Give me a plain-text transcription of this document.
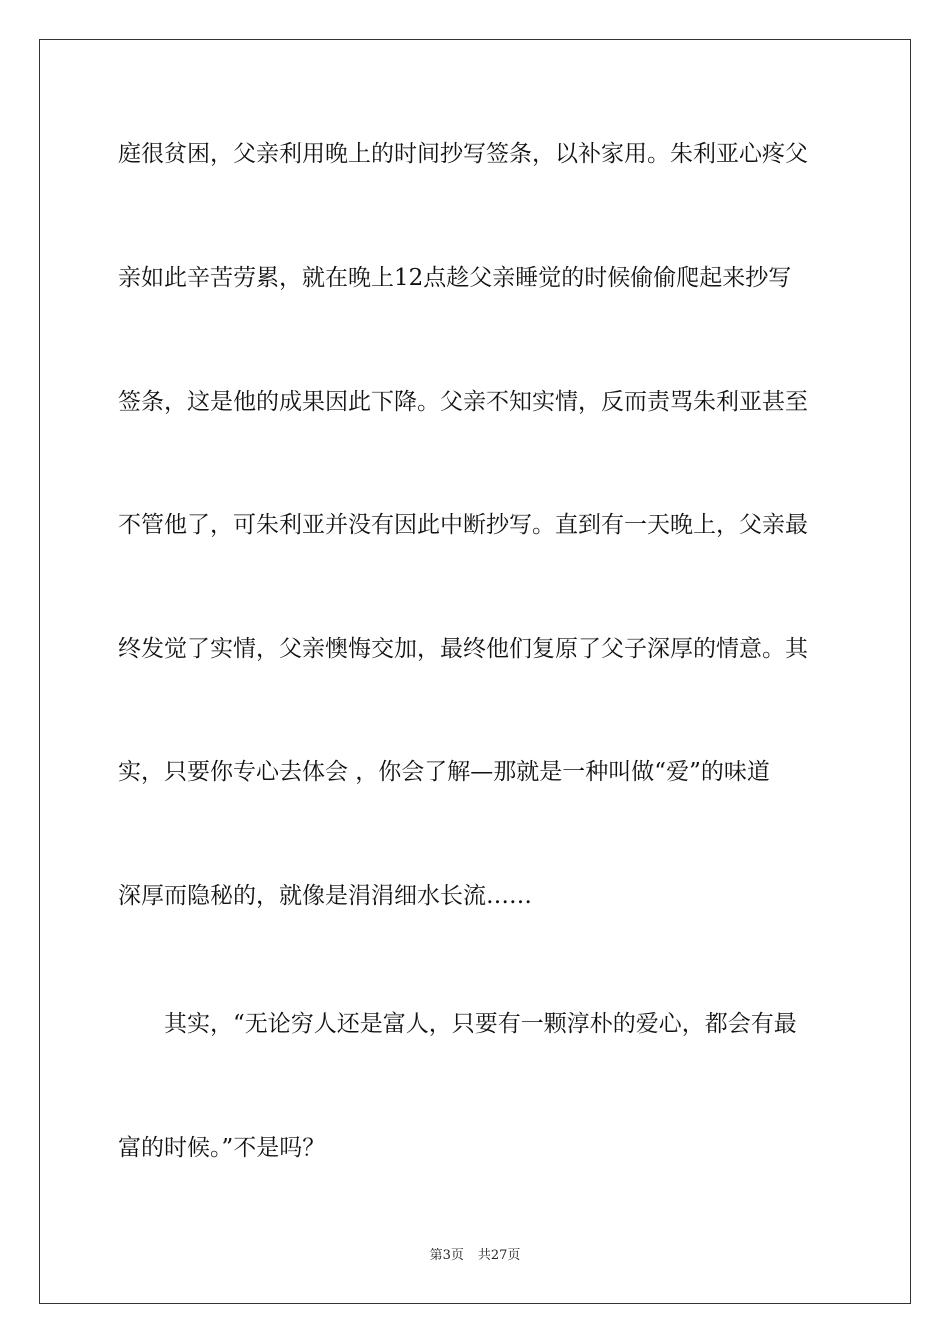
庭很贫困，父亲利用晚上的时间抄写签条，以补家用。朱利亚心疼父
亲如此辛苦劳累，就在晚上12点趁父亲睡觉的时候偷偷爬起来抄写
签条，这是他的成果因此下降。父亲不知实情，反而责骂朱利亚甚至
不管他了，可朱利亚并没有因此中断抄写。直到有一天晚上，父亲最
终发觉了实情，父亲懊悔交加，最终他们复原了父子深厚的情意。其
实，只要你专心去体会 ，你会了解—那就是一种叫做“爱”的味道
深厚而隐秘的，就像是涓涓细水长流……
其实，“无论穷人还是富人，只要有一颗淳朴的爱心，都会有最
富的时候。”不是吗？
第3页 共27页
